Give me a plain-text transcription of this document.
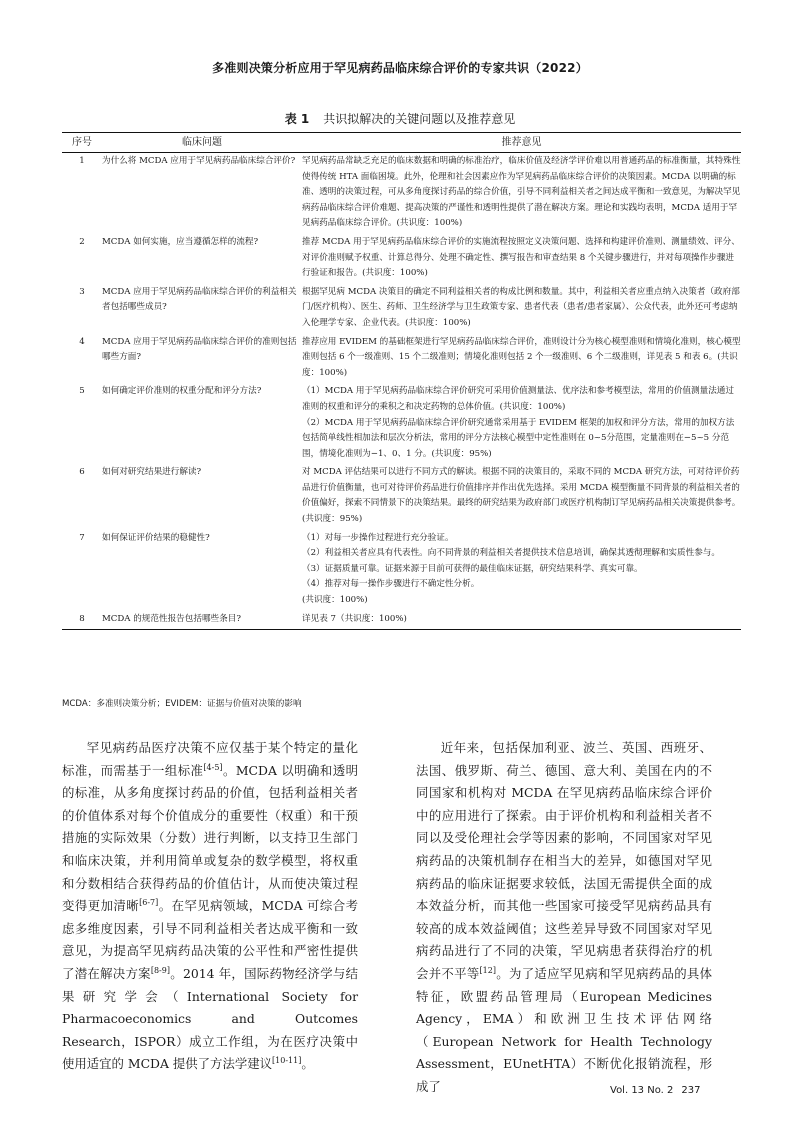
多准则决策分析应用于罕见病药品临床综合评价的专家共识（2022）
表 1 共识拟解决的关键问题以及推荐意见
序号	临床问题	推荐意见
1	为什么将 MCDA 应用于罕见病药品临床综合评价?	罕见病药品常缺乏充足的临床数据和明确的标准治疗，临床价值及经济学评价难以用普通药品的标准衡量，其特殊性使得传统 HTA 面临困境。此外，伦理和社会因素应作为罕见病药品临床综合评价的决策因素。MCDA 以明确的标准、透明的决策过程，可从多角度探讨药品的综合价值，引导不同利益相关者之间达成平衡和一致意见，为解决罕见病药品临床综合评价难题、提高决策的严谨性和透明性提供了潜在解决方案。理论和实践均表明，MCDA 适用于罕见病药品临床综合评价。(共识度：100%)

2	MCDA 如何实施，应当遵循怎样的流程?	推荐 MCDA 用于罕见病药品临床综合评价的实施流程按照定义决策问题、选择和构建评价准则、测量绩效、评分、对评价准则赋予权重、计算总得分、处理不确定性、撰写报告和审查结果 8 个关键步骤进行，并对每项操作步骤进行验证和报告。(共识度：100%)

3	MCDA 应用于罕见病药品临床综合评价的利益相关者包括哪些成员?	根据罕见病 MCDA 决策目的确定不同利益相关者的构成比例和数量。其中，利益相关者应重点纳入决策者（政府部门/医疗机构）、医生、药师、卫生经济学与卫生政策专家、患者代表（患者/患者家属）、公众代表，此外还可考虑纳入伦理学专家、企业代表。(共识度：100%)

4	MCDA 应用于罕见病药品临床综合评价的准则包括哪些方面?	推荐应用 EVIDEM 的基础框架进行罕见病药品临床综合评价，准则设计分为核心模型准则和情境化准则，核心模型准则包括 6 个一级准则、15 个二级准则；情境化准则包括 2 个一级准则、6 个二级准则，详见表 5 和表 6。(共识度：100%)

5	如何确定评价准则的权重分配和评分方法?	（1）MCDA 用于罕见病药品临床综合评价研究可采用价值测量法、优序法和参考模型法，常用的价值测量法通过准则的权重和评分的乘积之和决定药物的总体价值。(共识度：100%)
（2）MCDA 用于罕见病药品临床综合评价研究通常采用基于 EVIDEM 框架的加权和评分方法，常用的加权方法包括简单线性相加法和层次分析法，常用的评分方法核心模型中定性准则在 0~5分范围，定量准则在−5~5 分范围，情境化准则为−1、0、1 分。(共识度：95%)

6	如何对研究结果进行解读?	对 MCDA 评估结果可以进行不同方式的解读。根据不同的决策目的，采取不同的 MCDA 研究方法，可对待评价药品进行价值衡量，也可对待评价药品进行价值排序并作出优先选择。采用 MCDA 模型衡量不同背景的利益相关者的价值偏好，探索不同情景下的决策结果。最终的研究结果为政府部门或医疗机构制订罕见病药品相关决策提供参考。(共识度：95%)

7	如何保证评价结果的稳健性?	（1）对每一步操作过程进行充分验证。
（2）利益相关者应具有代表性。向不同背景的利益相关者提供技术信息培训，确保其透彻理解和实质性参与。
（3）证据质量可靠。证据来源于目前可获得的最佳临床证据，研究结果科学、真实可靠。
（4）推荐对每一操作步骤进行不确定性分析。
(共识度：100%)

8	MCDA 的规范性报告包括哪些条目?	详见表 7（共识度：100%)
MCDA：多准则决策分析；EVIDEM：证据与价值对决策的影响

罕见病药品医疗决策不应仅基于某个特定的量化标准，而需基于一组标准[4-5]。MCDA 以明确和透明的标准，从多角度探讨药品的价值，包括利益相关者的价值体系对每个价值成分的重要性（权重）和干预措施的实际效果（分数）进行判断，以支持卫生部门和临床决策，并利用简单或复杂的数学模型，将权重和分数相结合获得药品的价值估计，从而使决策过程变得更加清晰[6-7]。在罕见病领域，MCDA 可综合考虑多维度因素，引导不同利益相关者达成平衡和一致意见，为提高罕见病药品决策的公平性和严密性提供了潜在解决方案[8-9]。2014 年，国际药物经济学与结果研究学会（International Society for Pharmacoeconomics and Outcomes Research，ISPOR）成立工作组，为在医疗决策中使用适宜的 MCDA 提供了方法学建议[10-11]。

近年来，包括保加利亚、波兰、英国、西班牙、法国、俄罗斯、荷兰、德国、意大利、美国在内的不同国家和机构对 MCDA 在罕见病药品临床综合评价中的应用进行了探索。由于评价机构和利益相关者不同以及受伦理社会学等因素的影响，不同国家对罕见病药品的决策机制存在相当大的差异，如德国对罕见病药品的临床证据要求较低，法国无需提供全面的成本效益分析，而其他一些国家可接受罕见病药品具有较高的成本效益阈值；这些差异导致不同国家对罕见病药品进行了不同的决策，罕见病患者获得治疗的机会并不平等[12]。为了适应罕见病和罕见病药品的具体特征，欧盟药品管理局（European Medicines Agency，EMA）和欧洲卫生技术评估网络（European Network for Health Technology Assessment，EUnetHTA）不断优化报销流程，形成了	Vol. 13 No. 2 237
